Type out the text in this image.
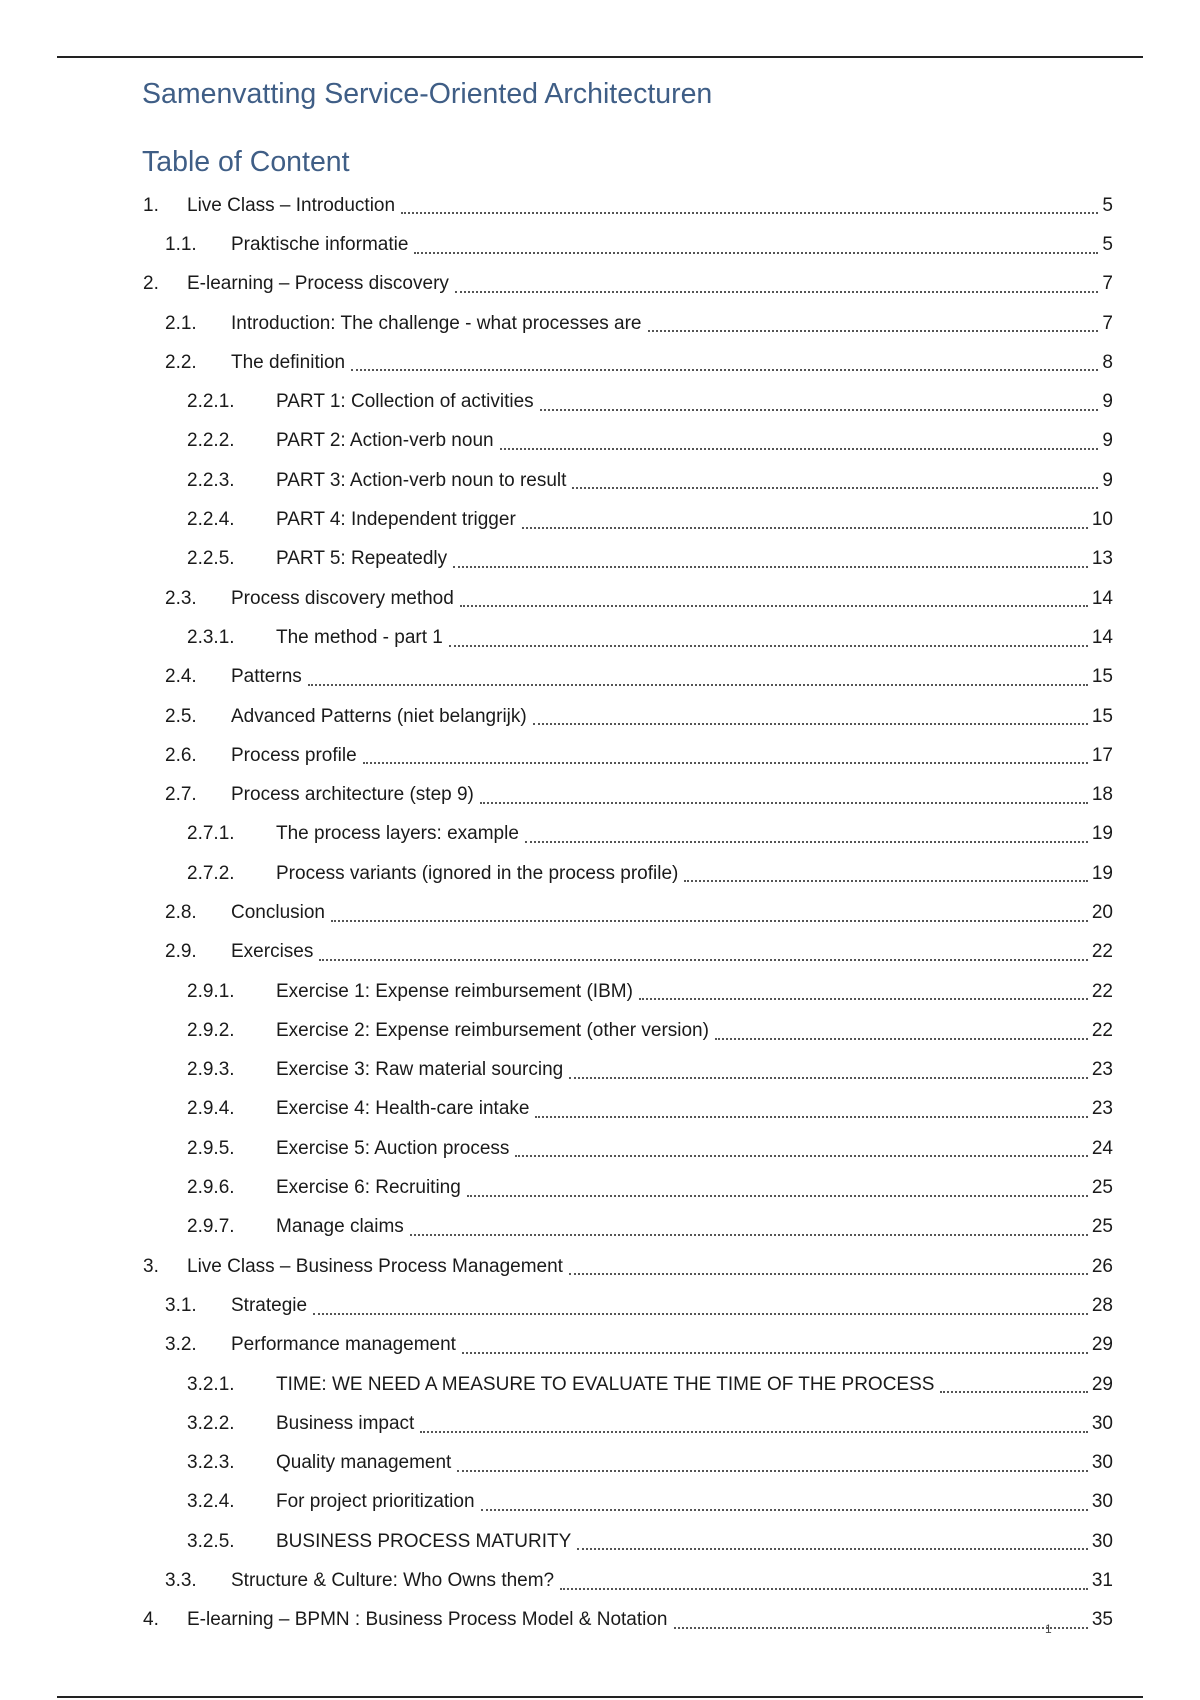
Samenvatting Service-Oriented Architecturen
Table of Content
1. Live Class – Introduction	5
1.1. Praktische informatie	5
2. E-learning – Process discovery	7
2.1. Introduction: The challenge - what processes are	7
2.2. The definition	8
2.2.1. PART 1: Collection of activities	9
2.2.2. PART 2: Action-verb noun	9
2.2.3. PART 3: Action-verb noun to result	9
2.2.4. PART 4: Independent trigger	10
2.2.5. PART 5: Repeatedly	13
2.3. Process discovery method	14
2.3.1. The method - part 1	14
2.4. Patterns	15
2.5. Advanced Patterns (niet belangrijk)	15
2.6. Process profile	17
2.7. Process architecture (step 9)	18
2.7.1. The process layers: example	19
2.7.2. Process variants (ignored in the process profile)	19
2.8. Conclusion	20
2.9. Exercises	22
2.9.1. Exercise 1: Expense reimbursement (IBM)	22
2.9.2. Exercise 2: Expense reimbursement (other version)	22
2.9.3. Exercise 3: Raw material sourcing	23
2.9.4. Exercise 4: Health-care intake	23
2.9.5. Exercise 5: Auction process	24
2.9.6. Exercise 6: Recruiting	25
2.9.7. Manage claims	25
3. Live Class – Business Process Management	26
3.1. Strategie	28
3.2. Performance management	29
3.2.1. TIME: WE NEED A MEASURE TO EVALUATE THE TIME OF THE PROCESS	29
3.2.2. Business impact	30
3.2.3. Quality management	30
3.2.4. For project prioritization	30
3.2.5. BUSINESS PROCESS MATURITY	30
3.3. Structure & Culture: Who Owns them?	31
4. E-learning – BPMN : Business Process Model & Notation	35
1
